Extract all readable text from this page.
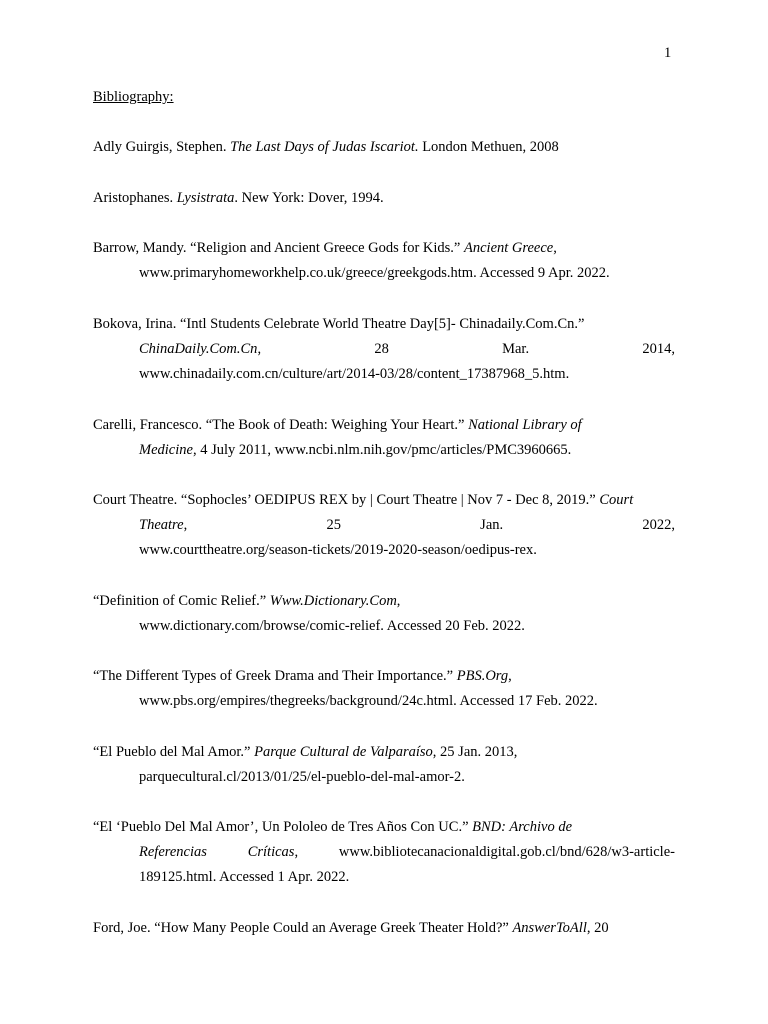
1
Bibliography:
Adly Guirgis, Stephen. The Last Days of Judas Iscariot. London Methuen, 2008
Aristophanes. Lysistrata. New York: Dover, 1994.
Barrow, Mandy. “Religion and Ancient Greece Gods for Kids.” Ancient Greece,
www.primaryhomeworkhelp.co.uk/greece/greekgods.htm. Accessed 9 Apr. 2022.
Bokova, Irina. “Intl Students Celebrate World Theatre Day[5]- Chinadaily.Com.Cn.”
ChinaDaily.Com.Cn,	28	Mar.	2014,
www.chinadaily.com.cn/culture/art/2014-03/28/content_17387968_5.htm.
Carelli, Francesco. “The Book of Death: Weighing Your Heart.” National Library of
Medicine, 4 July 2011, www.ncbi.nlm.nih.gov/pmc/articles/PMC3960665.
Court Theatre. “Sophocles’ OEDIPUS REX by | Court Theatre | Nov 7 - Dec 8, 2019.” Court
Theatre,	25	Jan.	2022,
www.courttheatre.org/season-tickets/2019-2020-season/oedipus-rex.
“Definition of Comic Relief.” Www.Dictionary.Com,
www.dictionary.com/browse/comic-relief. Accessed 20 Feb. 2022.
“The Different Types of Greek Drama and Their Importance.” PBS.Org,
www.pbs.org/empires/thegreeks/background/24c.html. Accessed 17 Feb. 2022.
“El Pueblo del Mal Amor.” Parque Cultural de Valparaíso, 25 Jan. 2013,
parquecultural.cl/2013/01/25/el-pueblo-del-mal-amor-2.
“El ‘Pueblo Del Mal Amor’, Un Pololeo de Tres Años Con UC.” BND: Archivo de
Referencias	Críticas,	www.bibliotecanacionaldigital.gob.cl/bnd/628/w3-article-
189125.html. Accessed 1 Apr. 2022.
Ford, Joe. “How Many People Could an Average Greek Theater Hold?” AnswerToAll, 20
